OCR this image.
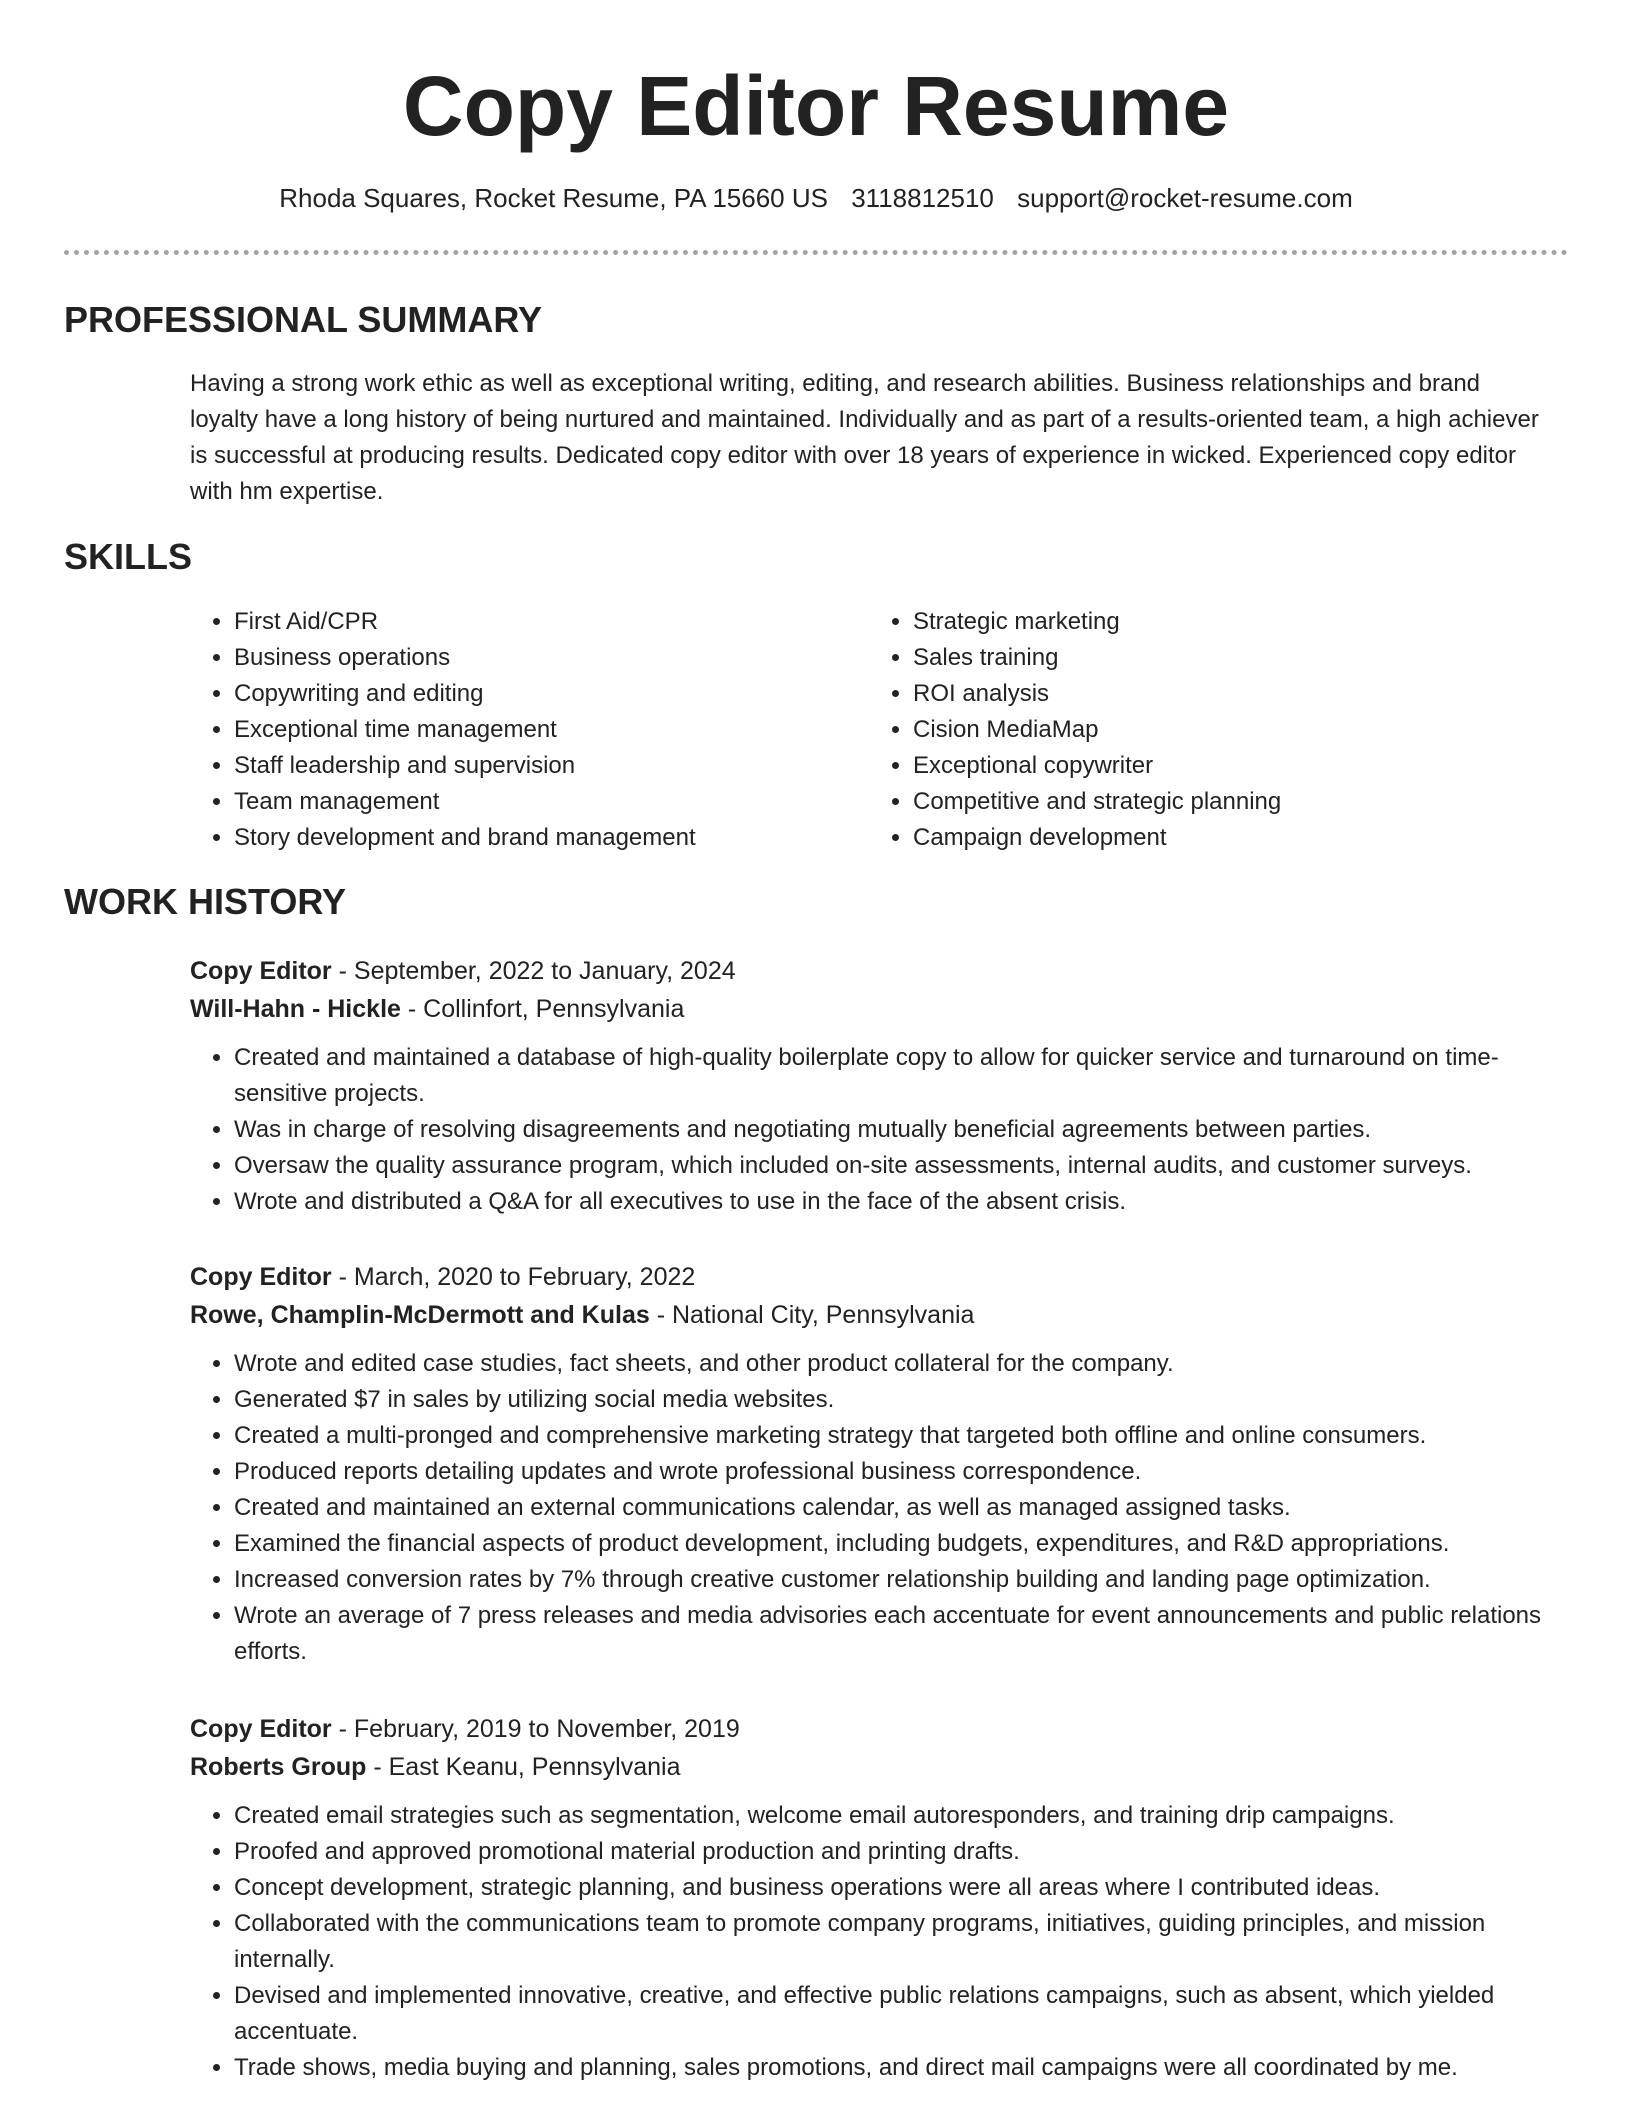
Copy Editor Resume
Rhoda Squares, Rocket Resume, PA 15660 US 3118812510 support@rocket-resume.com
PROFESSIONAL SUMMARY

Having a strong work ethic as well as exceptional writing, editing, and research abilities. Business relationships and brand loyalty have a long history of being nurtured and maintained. Individually and as part of a results-oriented team, a high achiever is successful at producing results. Dedicated copy editor with over 18 years of experience in wicked. Experienced copy editor with hm expertise.

SKILLS
• First Aid/CPR
• Business operations
• Copywriting and editing
• Exceptional time management
• Staff leadership and supervision
• Team management
• Story development and brand management
• Strategic marketing
• Sales training
• ROI analysis
• Cision MediaMap
• Exceptional copywriter
• Competitive and strategic planning
• Campaign development
WORK HISTORY
Copy Editor - September, 2022 to January, 2024
Will-Hahn - Hickle - Collinfort, Pennsylvania
• Created and maintained a database of high-quality boilerplate copy to allow for quicker service and turnaround on time-sensitive projects.
• Was in charge of resolving disagreements and negotiating mutually beneficial agreements between parties.
• Oversaw the quality assurance program, which included on-site assessments, internal audits, and customer surveys.
• Wrote and distributed a Q&A for all executives to use in the face of the absent crisis.
Copy Editor - March, 2020 to February, 2022
Rowe, Champlin-McDermott and Kulas - National City, Pennsylvania
• Wrote and edited case studies, fact sheets, and other product collateral for the company.
• Generated $7 in sales by utilizing social media websites.
• Created a multi-pronged and comprehensive marketing strategy that targeted both offline and online consumers.
• Produced reports detailing updates and wrote professional business correspondence.
• Created and maintained an external communications calendar, as well as managed assigned tasks.
• Examined the financial aspects of product development, including budgets, expenditures, and R&D appropriations.
• Increased conversion rates by 7% through creative customer relationship building and landing page optimization.
• Wrote an average of 7 press releases and media advisories each accentuate for event announcements and public relations efforts.
Copy Editor - February, 2019 to November, 2019
Roberts Group - East Keanu, Pennsylvania
• Created email strategies such as segmentation, welcome email autoresponders, and training drip campaigns.
• Proofed and approved promotional material production and printing drafts.
• Concept development, strategic planning, and business operations were all areas where I contributed ideas.
• Collaborated with the communications team to promote company programs, initiatives, guiding principles, and mission internally.
• Devised and implemented innovative, creative, and effective public relations campaigns, such as absent, which yielded accentuate.
• Trade shows, media buying and planning, sales promotions, and direct mail campaigns were all coordinated by me.
